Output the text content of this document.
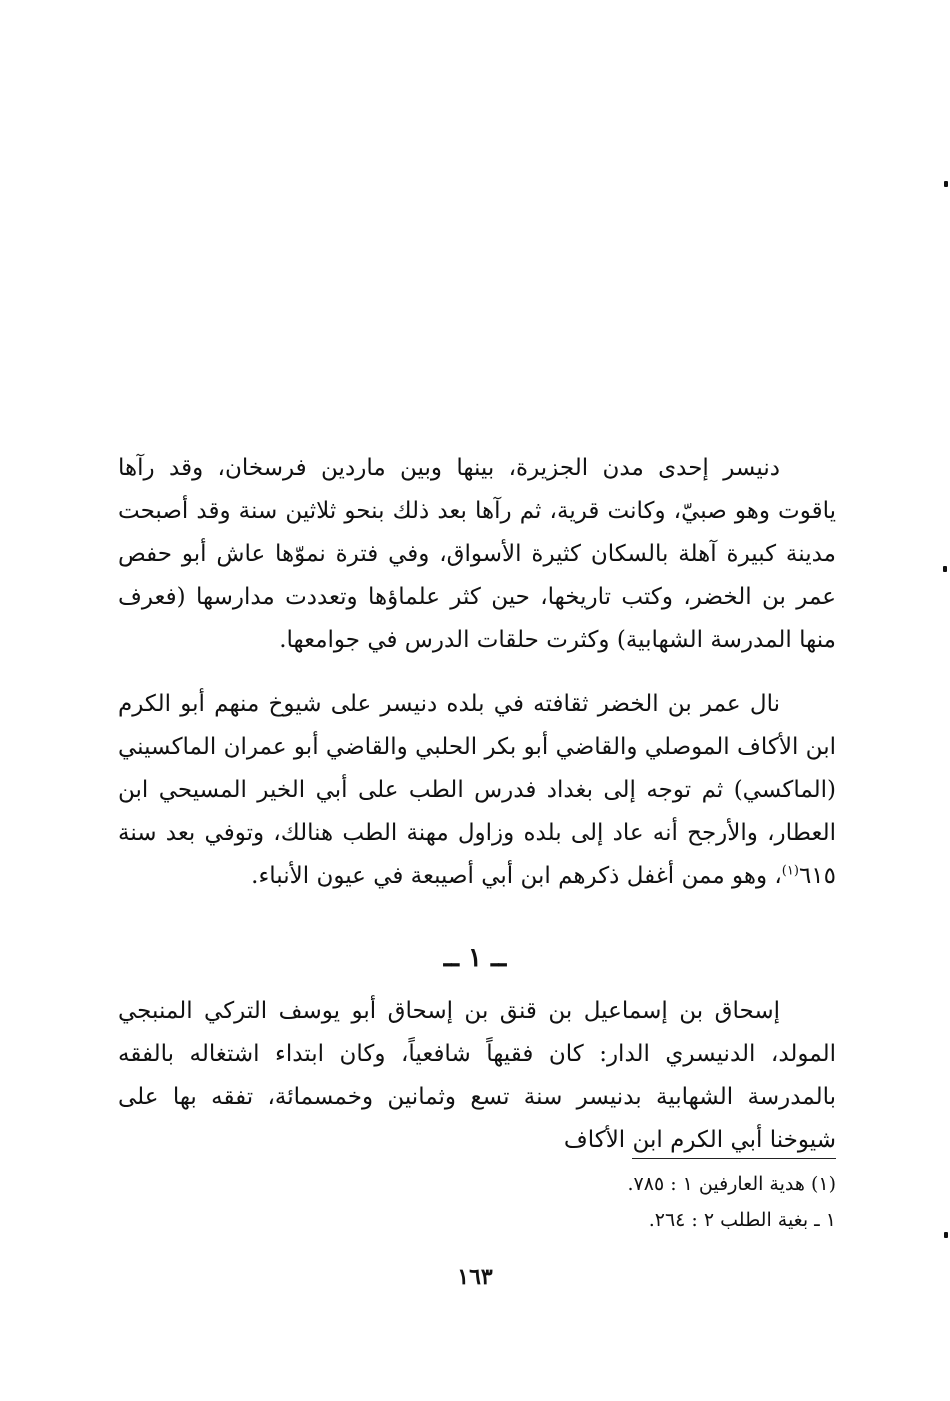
دنيسر إحدى مدن الجزيرة، بينها وبين ماردين فرسخان، وقد رآها ياقوت وهو صبيّ، وكانت قرية، ثم رآها بعد ذلك بنحو ثلاثين سنة وقد أصبحت مدينة كبيرة آهلة بالسكان كثيرة الأسواق، وفي فترة نموّها عاش أبو حفص عمر بن الخضر، وكتب تاريخها، حين كثر علماؤها وتعددت مدارسها (فعرف منها المدرسة الشهابية) وكثرت حلقات الدرس في جوامعها.

نال عمر بن الخضر ثقافته في بلده دنيسر على شيوخ منهم أبو الكرم ابن الأكاف الموصلي والقاضي أبو بكر الحلبي والقاضي أبو عمران الماكسيني (الماكسي) ثم توجه إلى بغداد فدرس الطب على أبي الخير المسيحي ابن العطار، والأرجح أنه عاد إلى بلده وزاول مهنة الطب هنالك، وتوفي بعد سنة ٦١٥$^{(١)}$، وهو ممن أغفل ذكرهم ابن أبي أصيبعة في عيون الأنباء.

ــ ١ ــ

إسحاق بن إسماعيل بن قنق بن إسحاق أبو يوسف التركي المنبجي المولد، الدنيسري الدار: كان فقيهاً شافعياً، وكان ابتداء اشتغاله بالفقه بالمدرسة الشهابية بدنيسر سنة تسع وثمانين وخمسمائة، تفقه بها على شيوخنا أبي الكرم ابن الأكاف

(١) هدية العارفين ١ : ٧٨٥.
١ ـ بغية الطلب ٢ : ٢٦٤.
١٦٣
